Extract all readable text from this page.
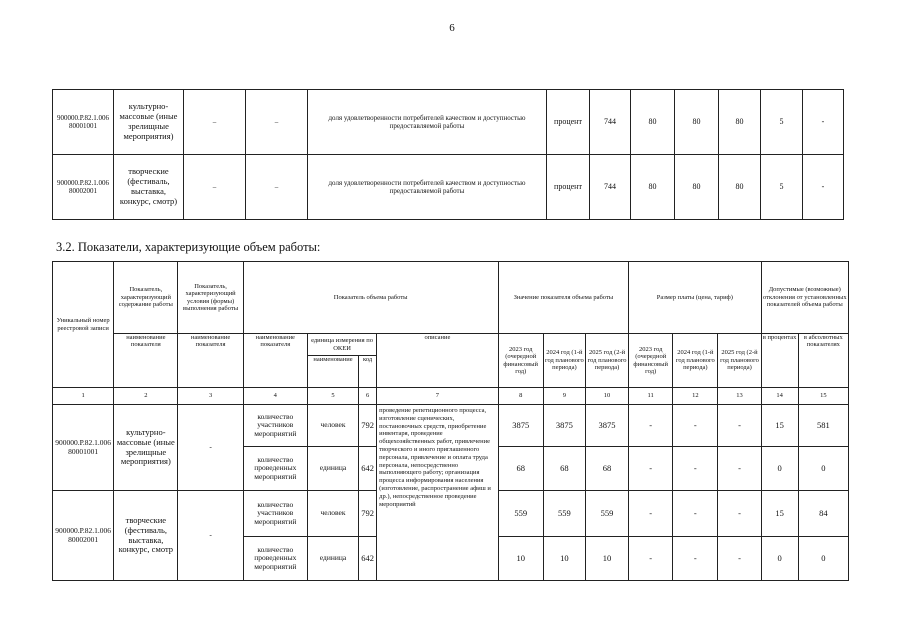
6
900000.Р.82.1.006 80001001	культурно-массовые (иные зрелищные мероприятия)	–	–	доля удовлетворенности потребителей качеством и доступностью предоставляемой работы	процент	744	80	80	80	5	-
900000.Р.82.1.006 80002001	творческие (фестиваль, выставка, конкурс, смотр)	–	–	доля удовлетворенности потребителей качеством и доступностью предоставляемой работы	процент	744	80	80	80	5	-
3.2. Показатели, характеризующие объем работы:
Уникальный номер реестровой записи	Показатель, характеризующий содержание работы	Показатель, характеризующий условия (формы) выполнения работы	Показатель объема работы				Значение показателя объема работы			Размер платы (цена, тариф)			Допустимые (возможные) отклонения от установленных показателей объема работы	
	наименование показателя	наименование показателя	наименование показателя	единица измерения по ОКЕИ		описание	2023 год (очередной финансовый год)	2024 год (1-й год планового периода)	2025 год (2-й год планового периода)	2023 год (очередной финансовый год)	2024 год (1-й год планового периода)	2025 год (2-й год планового периода)	в процентах	в абсолютных показателях
				наименование	код									
1	2	3	4	5	6	7	8	9	10	11	12	13	14	15
900000.Р.82.1.006 80001001	культурно-массовые (иные зрелищные мероприятия)	-	количество участников мероприятий	человек	792	проведение репетиционного процесса, изготовление сценических, постановочных средств, приобретение инвентаря, проведение общехозяйственных работ, привлечение творческого и иного приглашенного персонала, привлечение и оплата труда персонала, непосредственно выполняющего работу; организация процесса информирования населения (изготовление, распространение афиш и др.), непосредственное проведение мероприятий	3875	3875	3875	-	-	-	15	581
			количество проведенных мероприятий	единица	642		68	68	68	-	-	-	0	0
900000.Р.82.1.006 80002001	творческие (фестиваль, выставка, конкурс, смотр	-	количество участников мероприятий	человек	792		559	559	559	-	-	-	15	84
			количество проведенных мероприятий	единица	642		10	10	10	-	-	-	0	0
